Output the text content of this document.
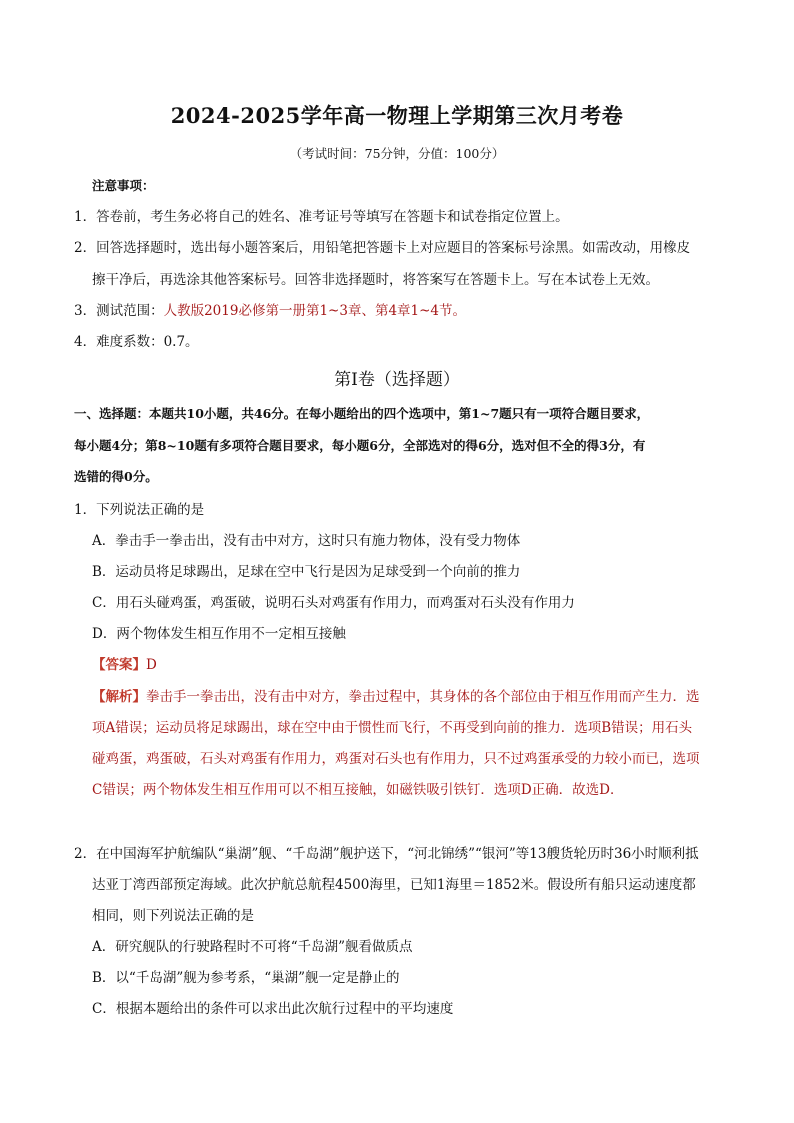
2024-2025学年高一物理上学期第三次月考卷
（考试时间：75分钟，分值：100分）
注意事项：
1．答卷前，考生务必将自己的姓名、准考证号等填写在答题卡和试卷指定位置上。
2．回答选择题时，选出每小题答案后，用铅笔把答题卡上对应题目的答案标号涂黑。如需改动，用橡皮
擦干净后，再选涂其他答案标号。回答非选择题时，将答案写在答题卡上。写在本试卷上无效。
3．测试范围：人教版2019必修第一册第1~3章、第4章1~4节。
4．难度系数：0.7。
第Ⅰ卷（选择题）
一、选择题：本题共10小题，共46分。在每小题给出的四个选项中，第1~7题只有一项符合题目要求，
每小题4分；第8~10题有多项符合题目要求，每小题6分，全部选对的得6分，选对但不全的得3分，有
选错的得0分。
1．下列说法正确的是
A．拳击手一拳击出，没有击中对方，这时只有施力物体，没有受力物体
B．运动员将足球踢出，足球在空中飞行是因为足球受到一个向前的推力
C．用石头碰鸡蛋，鸡蛋破，说明石头对鸡蛋有作用力，而鸡蛋对石头没有作用力
D．两个物体发生相互作用不一定相互接触
【答案】D
【解析】拳击手一拳击出，没有击中对方，拳击过程中，其身体的各个部位由于相互作用而产生力．选
项A错误；运动员将足球踢出，球在空中由于惯性而飞行，不再受到向前的推力．选项B错误；用石头
碰鸡蛋，鸡蛋破，石头对鸡蛋有作用力，鸡蛋对石头也有作用力，只不过鸡蛋承受的力较小而已，选项
C错误；两个物体发生相互作用可以不相互接触，如磁铁吸引铁钉．选项D正确．故选D．
2．在中国海军护航编队“巢湖”舰、“千岛湖”舰护送下，“河北锦绣”“银河”等13艘货轮历时36小时顺利抵
达亚丁湾西部预定海域。此次护航总航程4500海里，已知1海里＝1852米。假设所有船只运动速度都
相同，则下列说法正确的是
A．研究舰队的行驶路程时不可将“千岛湖”舰看做质点
B．以“千岛湖”舰为参考系，“巢湖”舰一定是静止的
C．根据本题给出的条件可以求出此次航行过程中的平均速度
